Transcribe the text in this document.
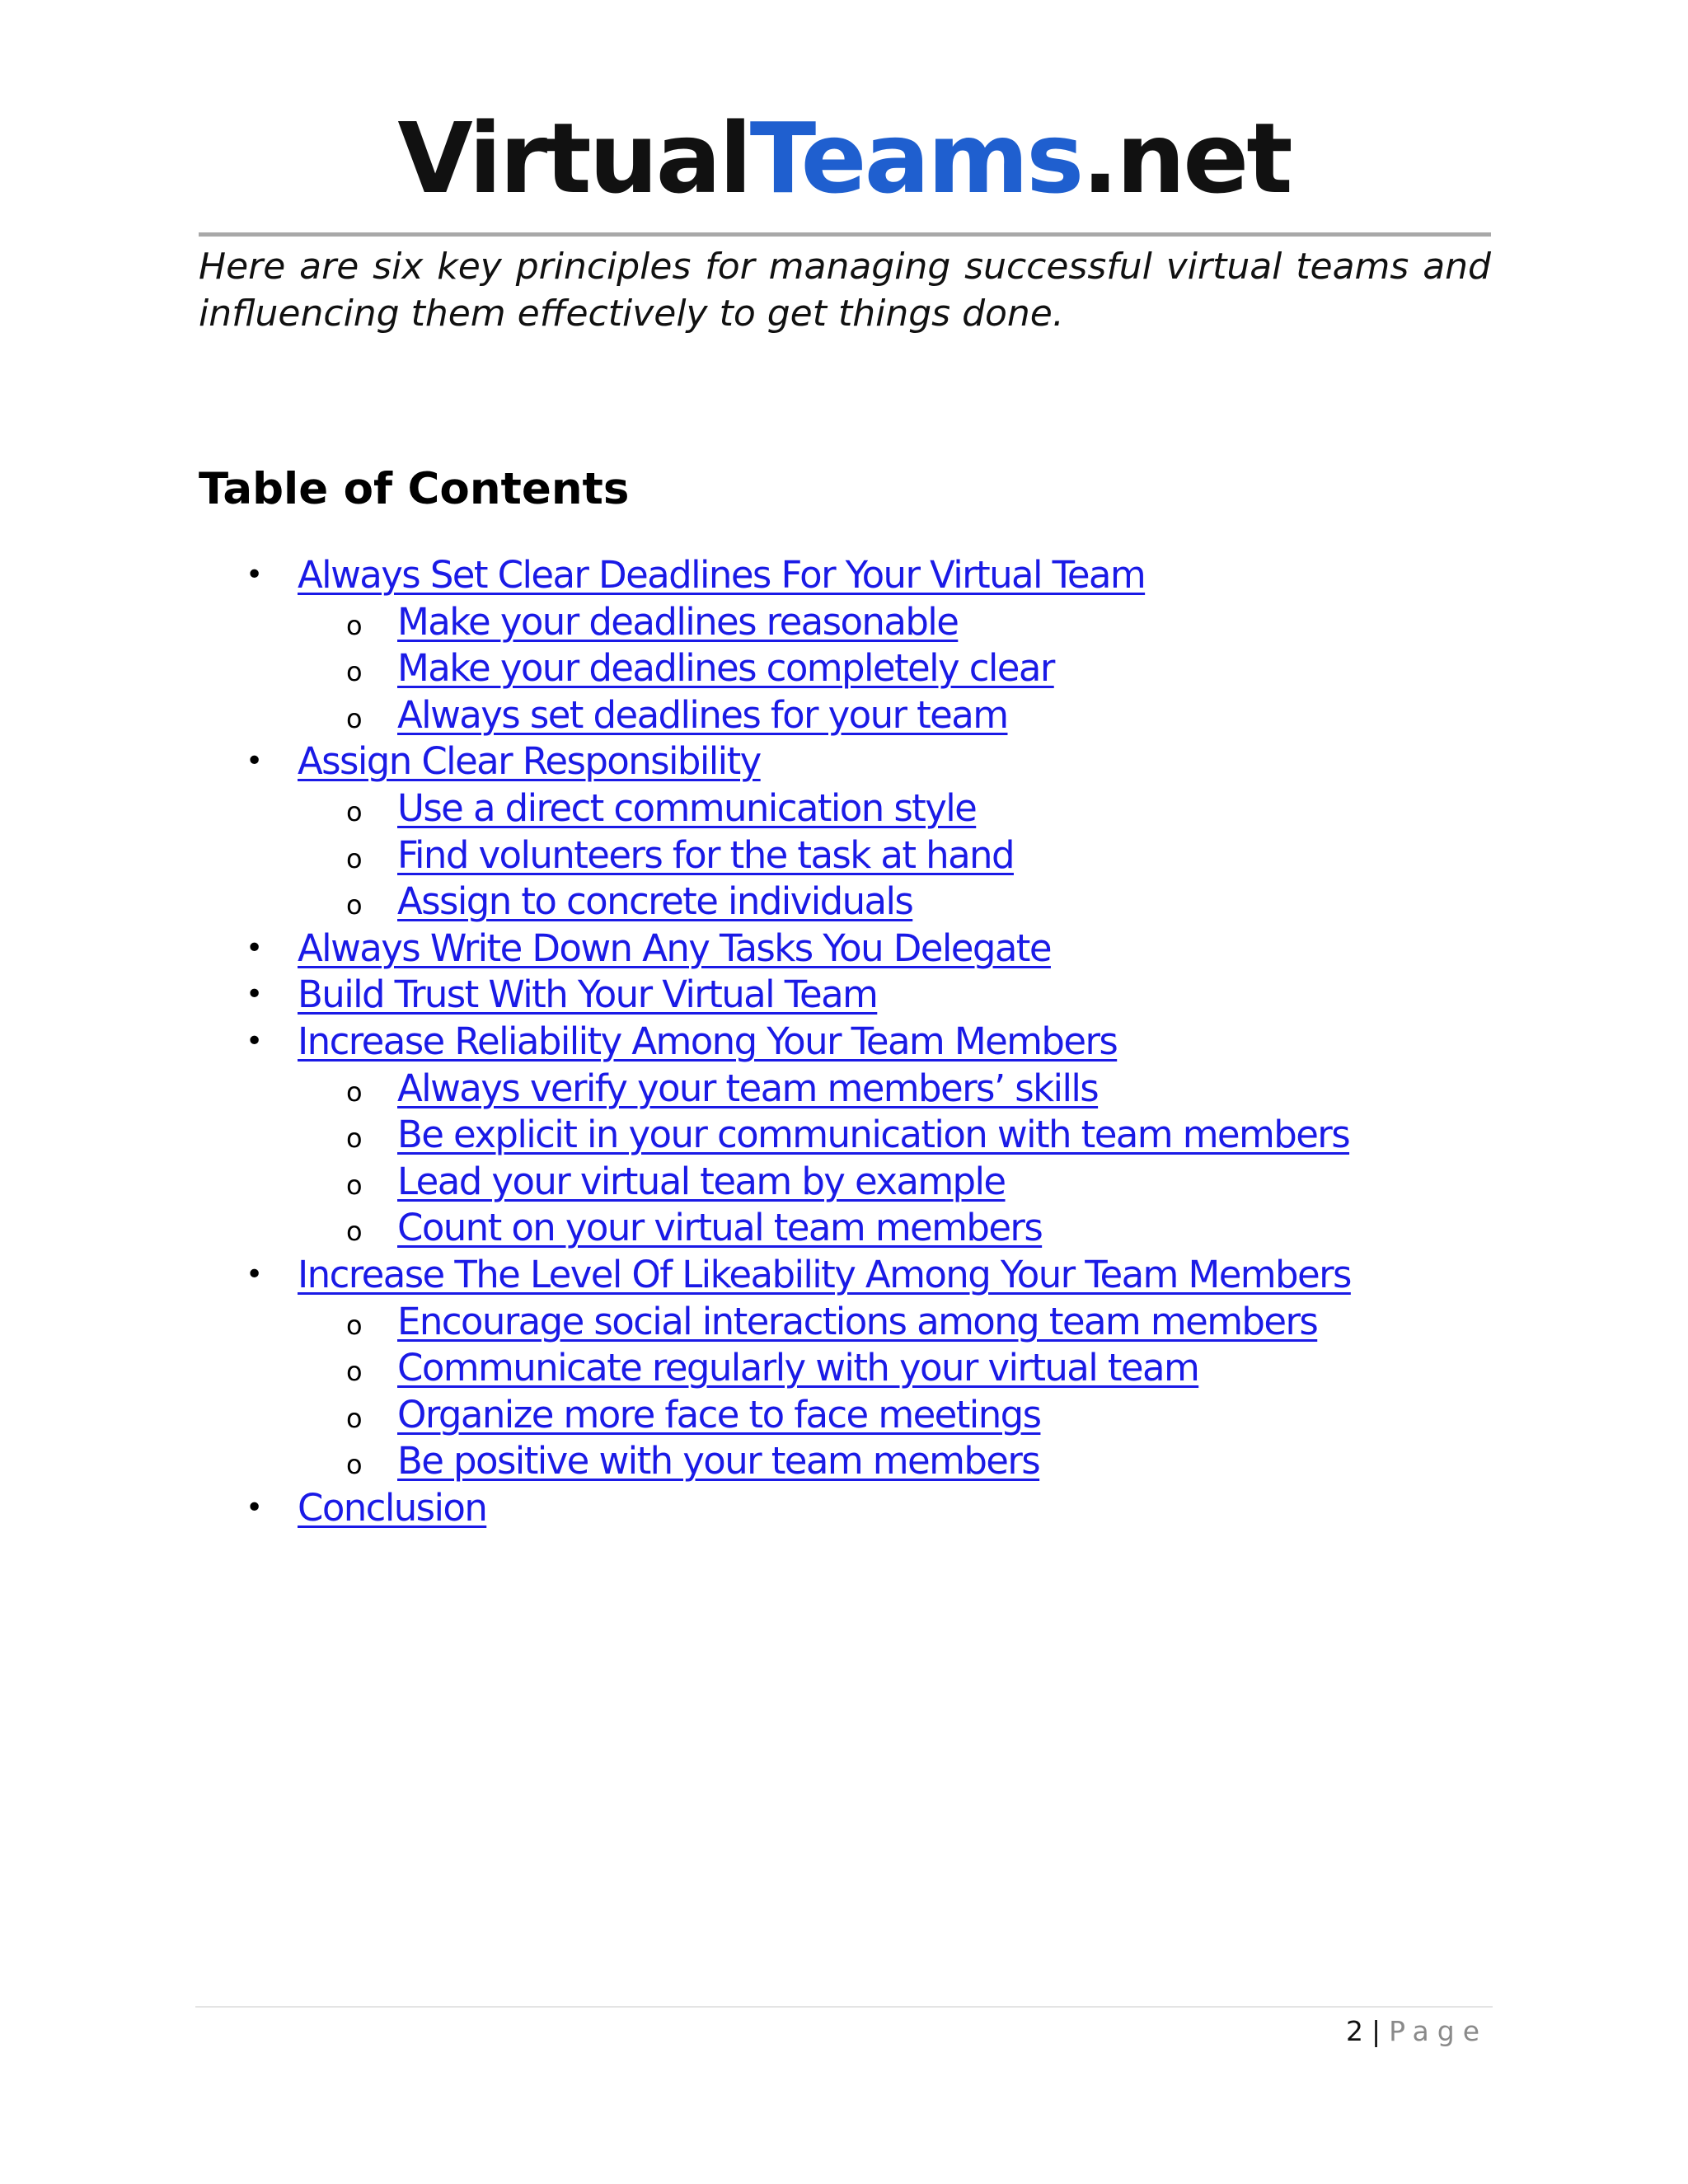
VirtualTeams.net
Here are six key principles for managing successful virtual teams and influencing them effectively to get things done.
Table of Contents
• Always Set Clear Deadlines For Your Virtual Team
o Make your deadlines reasonable
o Make your deadlines completely clear
o Always set deadlines for your team
• Assign Clear Responsibility
o Use a direct communication style
o Find volunteers for the task at hand
o Assign to concrete individuals
• Always Write Down Any Tasks You Delegate
• Build Trust With Your Virtual Team
• Increase Reliability Among Your Team Members
o Always verify your team members’ skills
o Be explicit in your communication with team members
o Lead your virtual team by example
o Count on your virtual team members
• Increase The Level Of Likeability Among Your Team Members
o Encourage social interactions among team members
o Communicate regularly with your virtual team
o Organize more face to face meetings
o Be positive with your team members
• Conclusion
2 | Page
